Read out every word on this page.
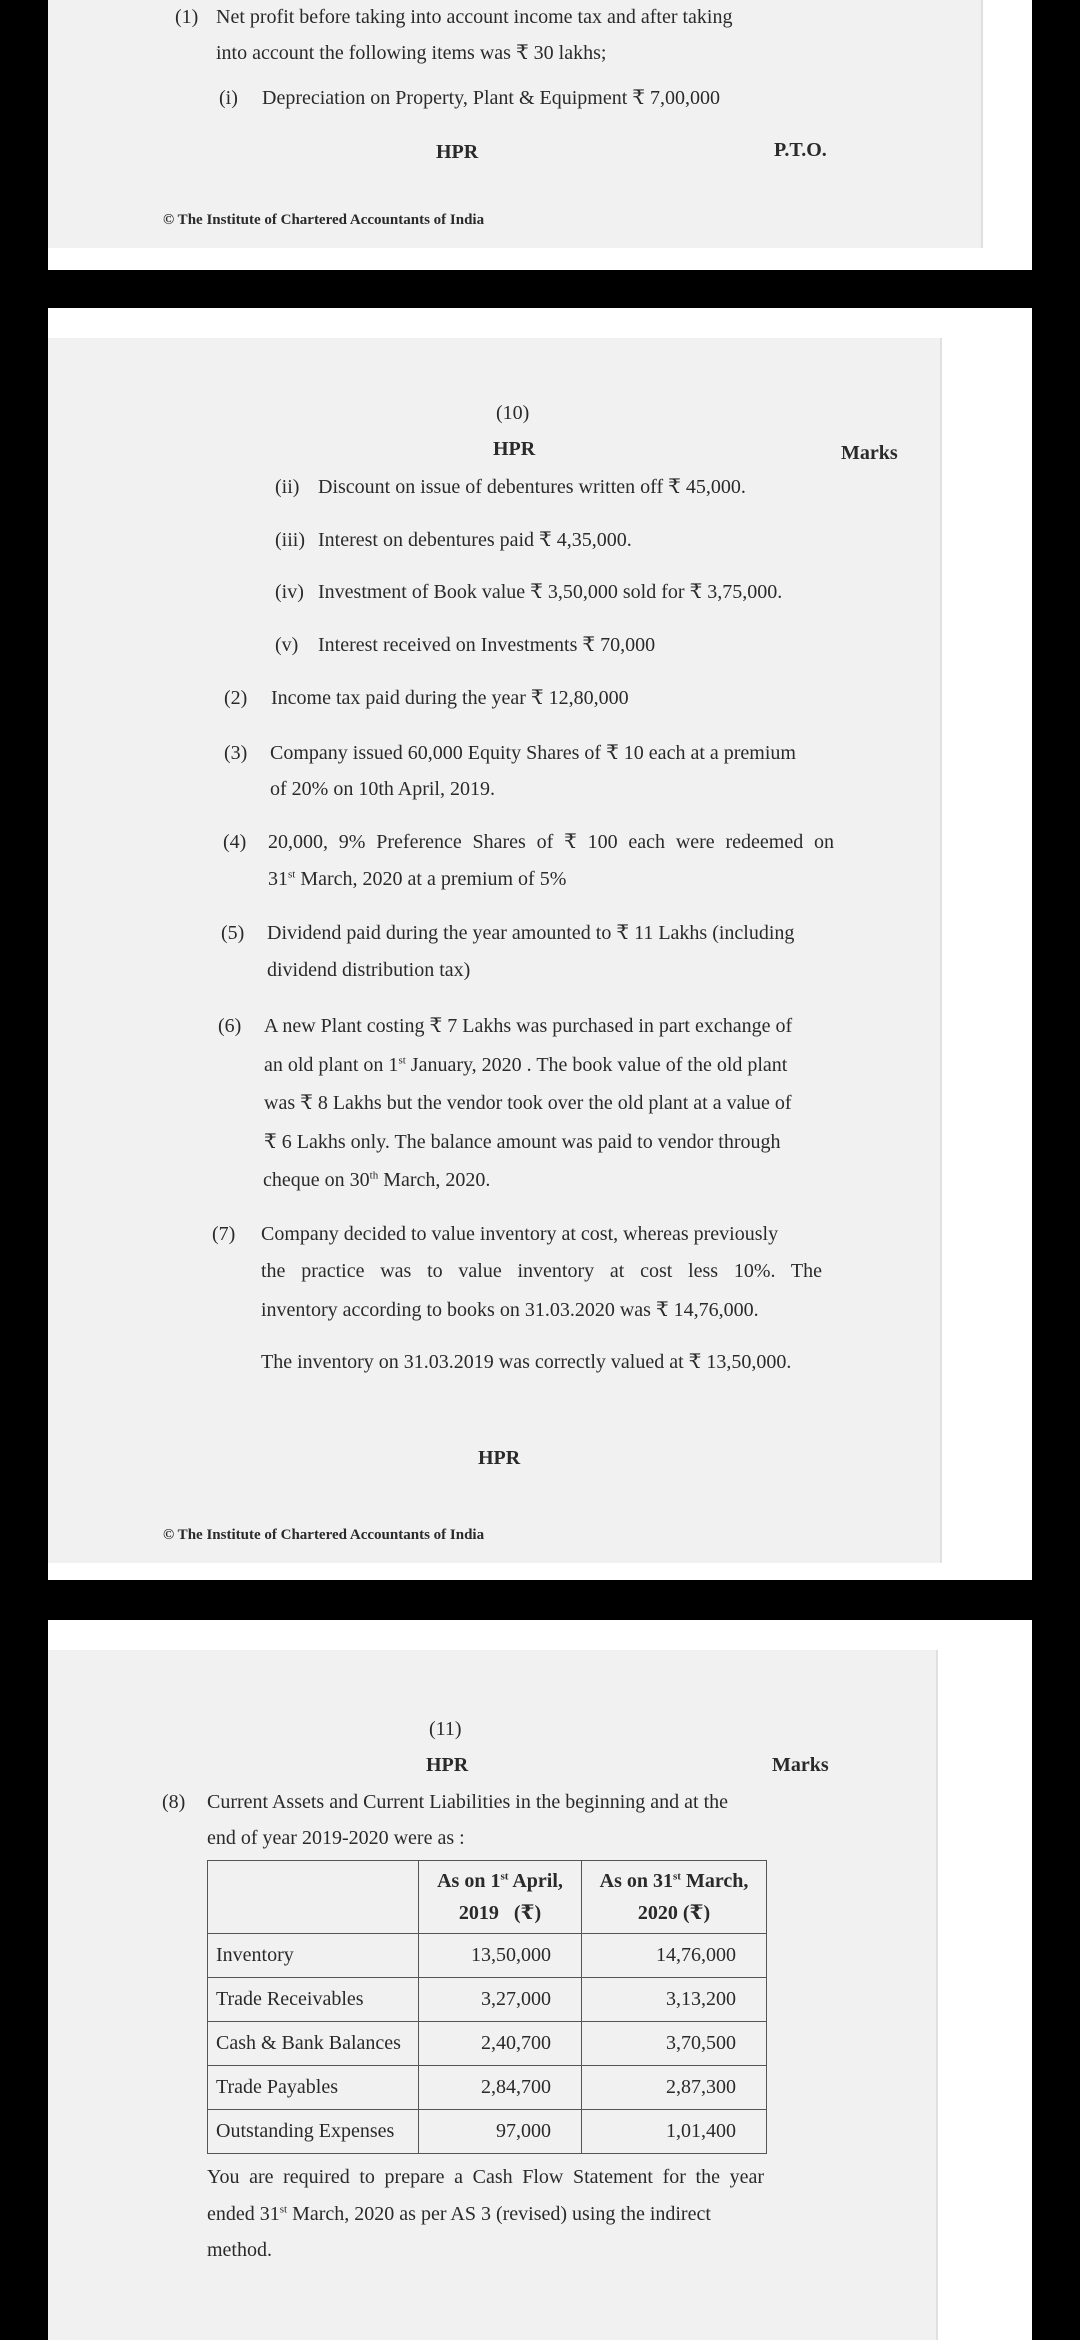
(1) Net profit before taking into account income tax and after taking
into account the following items was ₹ 30 lakhs;
(i) Depreciation on Property, Plant & Equipment ₹ 7,00,000
HPR	P.T.O.
© The Institute of Chartered Accountants of India
(10)
HPR	Marks
(ii) Discount on issue of debentures written off ₹ 45,000.
(iii) Interest on debentures paid ₹ 4,35,000.
(iv) Investment of Book value ₹ 3,50,000 sold for ₹ 3,75,000.
(v) Interest received on Investments ₹ 70,000
(2) Income tax paid during the year ₹ 12,80,000
(3) Company issued 60,000 Equity Shares of ₹ 10 each at a premium
of 20% on 10th April, 2019.
(4) 20,000, 9% Preference Shares of ₹ 100 each were redeemed on
31st March, 2020 at a premium of 5%
(5) Dividend paid during the year amounted to ₹ 11 Lakhs (including
dividend distribution tax)
(6) A new Plant costing ₹ 7 Lakhs was purchased in part exchange of
an old plant on 1st January, 2020 . The book value of the old plant
was ₹ 8 Lakhs but the vendor took over the old plant at a value of
₹ 6 Lakhs only. The balance amount was paid to vendor through
cheque on 30th March, 2020.
(7) Company decided to value inventory at cost, whereas previously
the practice was to value inventory at cost less 10%. The
inventory according to books on 31.03.2020 was ₹ 14,76,000.
The inventory on 31.03.2019 was correctly valued at ₹ 13,50,000.
HPR
© The Institute of Chartered Accountants of India
(11)
HPR	Marks
(8) Current Assets and Current Liabilities in the beginning and at the
end of year 2019-2020 were as :
	As on 1st April,
2019   (₹)	As on 31st March,
2020 (₹)
Inventory	13,50,000	14,76,000
Trade Receivables	3,27,000	3,13,200
Cash & Bank Balances	2,40,700	3,70,500
Trade Payables	2,84,700	2,87,300
Outstanding Expenses	97,000	1,01,400
You are required to prepare a Cash Flow Statement for the year
ended 31st March, 2020 as per AS 3 (revised) using the indirect
method.
